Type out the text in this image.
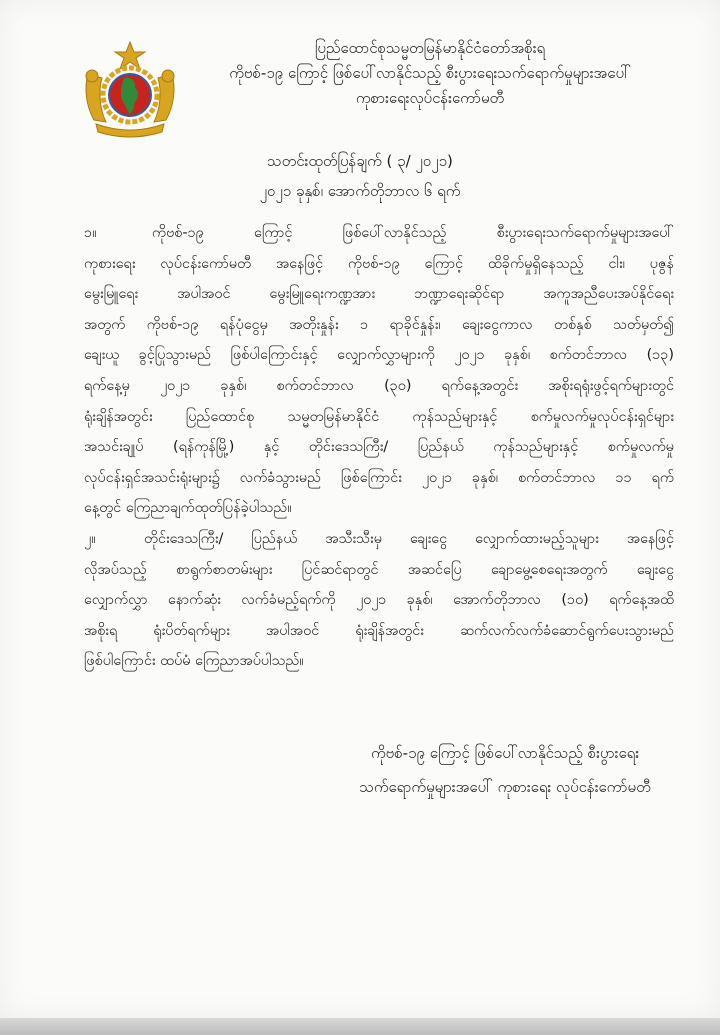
ပြည်ထောင်စုသမ္မတမြန်မာနိုင်ငံတော်အစိုးရ
ကိုဗစ်-၁၉ ကြောင့် ဖြစ်ပေါ်လာနိုင်သည့် စီးပွားရေးသက်ရောက်မှုများအပေါ်
ကုစားရေးလုပ်ငန်းကော်မတီ
သတင်းထုတ်ပြန်ချက် ( ၃/ ၂၀၂၁)
၂၀၂၁ ခုနှစ်၊ အောက်တိုဘာလ ၆ ရက်
၁။	ကိုဗစ်-၁၉ ကြောင့် ဖြစ်ပေါ်လာနိုင်သည့် စီးပွားရေးသက်ရောက်မှုများအပေါ်
ကုစားရေး လုပ်ငန်းကော်မတီ အနေဖြင့် ကိုဗစ်-၁၉ ကြောင့် ထိခိုက်မှုရှိနေသည့် ငါး၊ ပုဇွန်
မွေးမြူရေး အပါအဝင် မွေးမြူရေးကဏ္ဍအား ဘဏ္ဍာရေးဆိုင်ရာ အကူအညီပေးအပ်နိုင်ရေး
အတွက် ကိုဗစ်-၁၉ ရန်ပုံငွေမှ အတိုးနှုန်း ၁ ရာခိုင်နှုန်း၊ ချေးငွေကာလ တစ်နှစ် သတ်မှတ်၍
ချေးယူ ခွင့်ပြုသွားမည် ဖြစ်ပါကြောင်းနှင့် လျှောက်လွှာများကို ၂၀၂၁ ခုနှစ်၊ စက်တင်ဘာလ (၁၃)
ရက်နေ့မှ ၂၀၂၁ ခုနှစ်၊ စက်တင်ဘာလ (၃၀) ရက်နေ့အတွင်း အစိုးရရုံးဖွင့်ရက်များတွင်
ရုံးချိန်အတွင်း ပြည်ထောင်စု သမ္မတမြန်မာနိုင်ငံ ကုန်သည်များနှင့် စက်မှုလက်မှုလုပ်ငန်းရှင်များ
အသင်းချုပ် (ရန်ကုန်မြို့) နှင့် တိုင်းဒေသကြီး/ ပြည်နယ် ကုန်သည်များနှင့် စက်မှုလက်မှု
လုပ်ငန်းရှင်အသင်းရုံးများ၌ လက်ခံသွားမည် ဖြစ်ကြောင်း ၂၀၂၁ ခုနှစ်၊ စက်တင်ဘာလ ၁၁ ရက်
နေ့တွင် ကြေညာချက်ထုတ်ပြန်ခဲ့ပါသည်။
၂။	တိုင်းဒေသကြီး/ ပြည်နယ် အသီးသီးမှ ချေးငွေ လျှောက်ထားမည့်သူများ အနေဖြင့်
လိုအပ်သည့် စာရွက်စာတမ်းများ ပြင်ဆင်ရာတွင် အဆင်ပြေ ချောမွေ့စေရေးအတွက် ချေးငွေ
လျှောက်လွှာ နောက်ဆုံး လက်ခံမည့်ရက်ကို ၂၀၂၁ ခုနှစ်၊ အောက်တိုဘာလ (၁၀) ရက်နေ့အထိ
အစိုးရ ရုံးပိတ်ရက်များ အပါအဝင် ရုံးချိန်အတွင်း ဆက်လက်လက်ခံဆောင်ရွက်ပေးသွားမည်
ဖြစ်ပါကြောင်း ထပ်မံ ကြေညာအပ်ပါသည်။
ကိုဗစ်-၁၉ ကြောင့် ဖြစ်ပေါ်လာနိုင်သည့် စီးပွားရေး
သက်ရောက်မှုများအပေါ် ကုစားရေး လုပ်ငန်းကော်မတီ
